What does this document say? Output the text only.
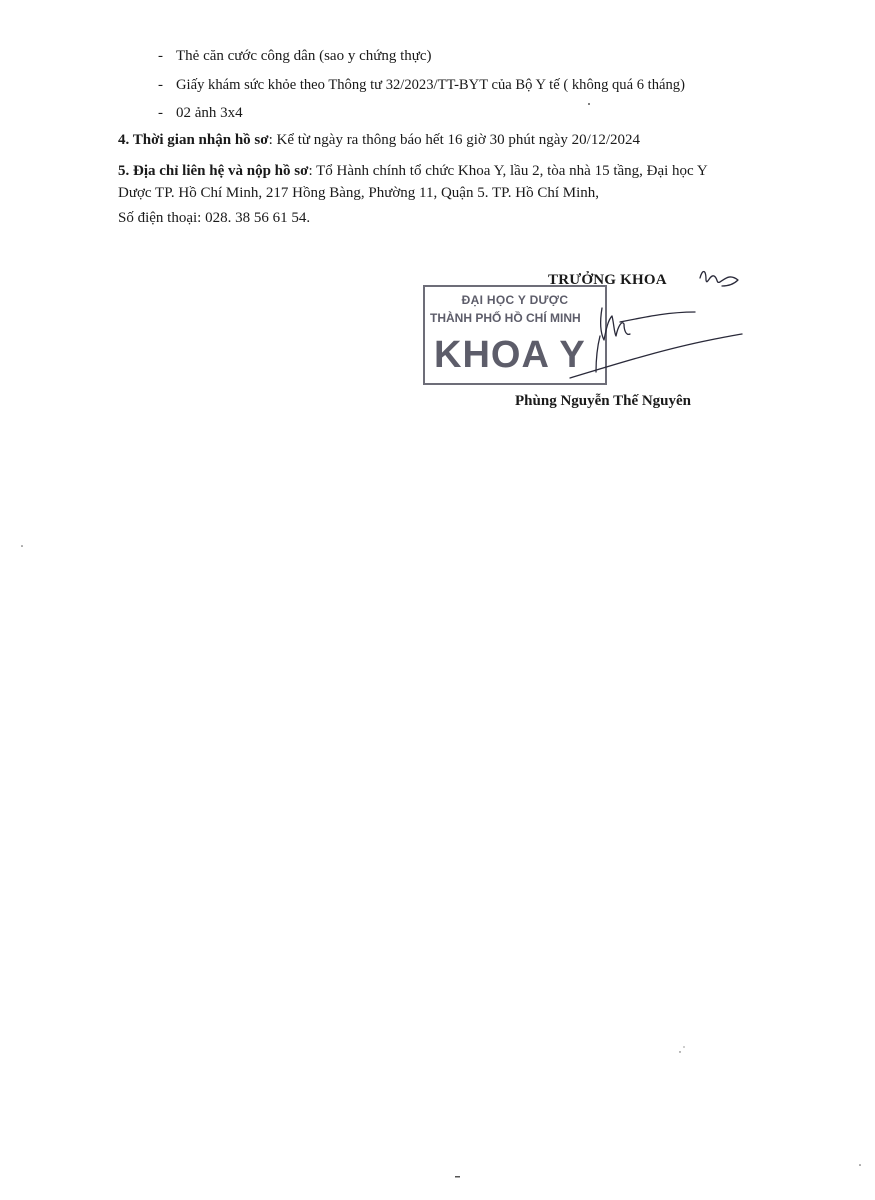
- Thẻ căn cước công dân (sao y chứng thực)
- Giấy khám sức khỏe theo Thông tư 32/2023/TT-BYT của Bộ Y tế ( không quá 6 tháng)
- 02 ảnh 3x4
4. Thời gian nhận hồ sơ: Kể từ ngày ra thông báo hết 16 giờ 30 phút ngày 20/12/2024
5. Địa chỉ liên hệ và nộp hồ sơ: Tổ Hành chính tổ chức Khoa Y, lầu 2, tòa nhà 15 tầng, Đại học Y
Dược TP. Hồ Chí Minh, 217 Hồng Bàng, Phường 11, Quận 5. TP. Hồ Chí Minh,
Số điện thoại: 028. 38 56 61 54.
TRƯỞNG KHOA
ĐẠI HỌC Y DƯỢC
THÀNH PHỐ HỒ CHÍ MINH
KHOA Y
Phùng Nguyễn Thế Nguyên
